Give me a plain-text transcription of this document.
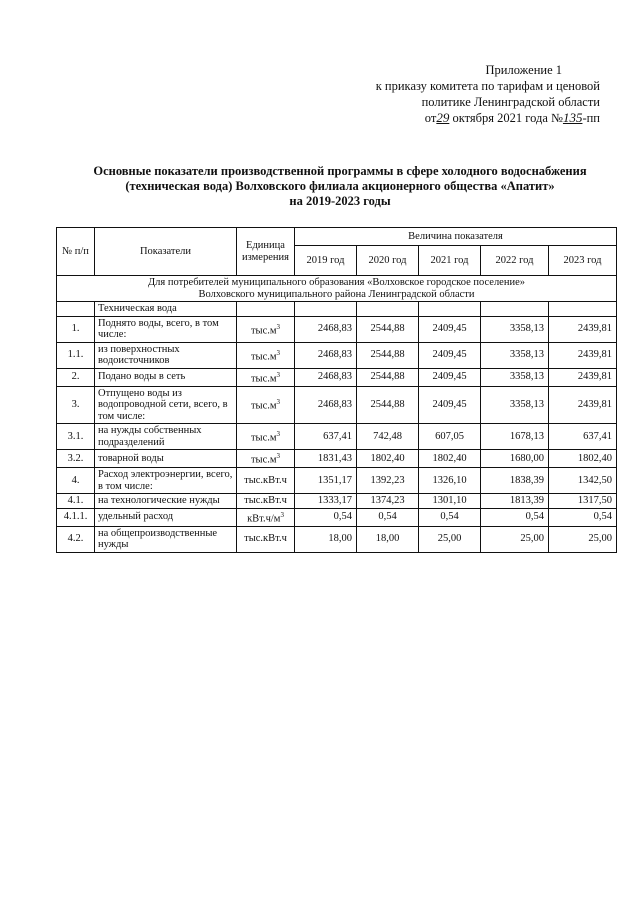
Приложение 1
к приказу комитета по тарифам и ценовой
политике Ленинградской области
от29 октября 2021 года №135-пп
Основные показатели производственной программы в сфере холодного водоснабжения
(техническая вода) Волховского филиала акционерного общества «Апатит»
на 2019-2023 годы
№ п/п	Показатели	Единица измерения	Величина показателя				
			2019 год	2020 год	2021 год	2022 год	2023 год

Для потребителей муниципального образования «Волховское городское поселение»
Волховского муниципального района Ленинградской области							

	Техническая вода						
1.	Поднято воды, всего, в том числе:	$тыс.м^3$	2468,83	2544,88	2409,45	3358,13	2439,81
1.1.	из поверхностных водоисточников	$тыс.м^3$	2468,83	2544,88	2409,45	3358,13	2439,81
2.	Подано воды в сеть	$тыс.м^3$	2468,83	2544,88	2409,45	3358,13	2439,81
3.	Отпущено воды из водопроводной сети, всего, в том числе:	$тыс.м^3$	2468,83	2544,88	2409,45	3358,13	2439,81
3.1.	на нужды собственных подразделений	$тыс.м^3$	637,41	742,48	607,05	1678,13	637,41
3.2.	товарной воды	$тыс.м^3$	1831,43	1802,40	1802,40	1680,00	1802,40
4.	Расход электроэнергии, всего, в том числе:	тыс.кВт.ч	1351,17	1392,23	1326,10	1838,39	1342,50
4.1.	на технологические нужды	тыс.кВт.ч	1333,17	1374,23	1301,10	1813,39	1317,50
4.1.1.	удельный расход	$кВт.ч/м^3$	0,54	0,54	0,54	0,54	0,54
4.2.	на общепроизводственные нужды	тыс.кВт.ч	18,00	18,00	25,00	25,00	25,00
